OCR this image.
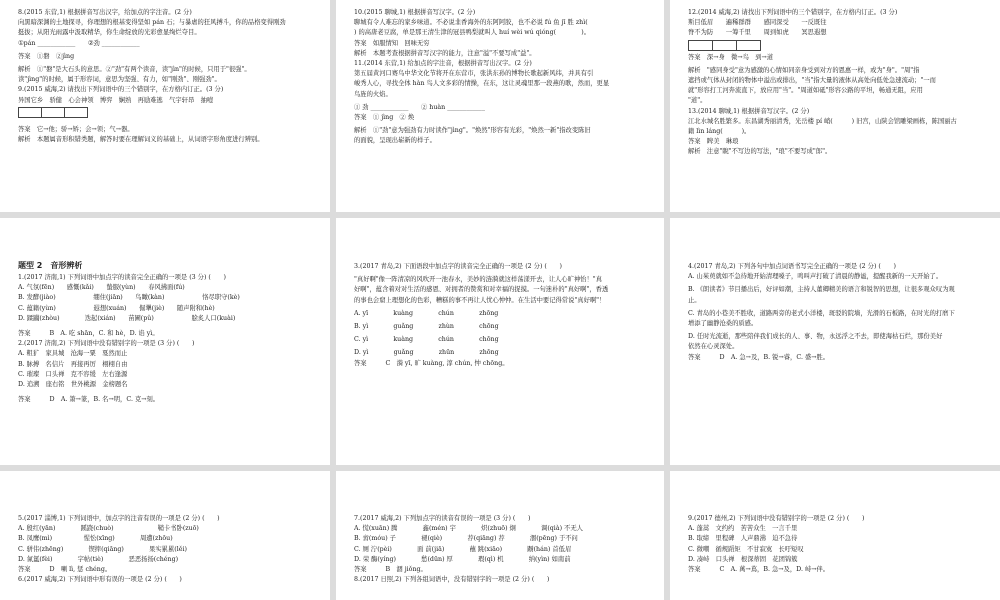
8.(2015 东营,1) 根据拼音写出汉字，给加点的字注音。(2 分)
向黑暗深渊的土地探寻，你理想的根基变得坚如 pán 石；与暴虐的狂风搏斗，你的品格变得刚劲
挺拔；从阳光雨露中汲取精华，你生命绽放的光彩愈显绚烂夺目。
①pán ____________　　②劲 ____________
答案　①磐　②jìng
解析　①"磐"是大石头的意思。②"劲"有两个读音，读"jìn"的时候，只用于"很强"。
读"jìng"的时候，属于形容词，意思为坚强、有力，如"刚劲"、刚强劲"。
9.(2015 威海,2) 请找出下列词语中的三个错别字，在方格内订正。(3 分)
异国它乡　骄健　心会神领　博弈　娴熟　再励难逃　气宇轩昂　抽噎
答案　它→他；骄→矫；会→领；气→器。
解析　本题属音形积错类题，解答时要在理解词义的基础上，从词语字形角度进行辨别。
10.(2015 聊城,1) 根据拼音写汉字。(2 分)
聊城有令人难忘的家乡味道。不必说韭香海外的东阿阿胶，也不必说 fú 鱼 jī 胜 zhì(
) 的高唐老豆腐，单是那王清生津的冠县鸭梨就叫人 huí wèi wú qióng(　　　　)。
答案　如服情知　回味无穷
解析　本题考查根据拼音写汉字的能力，注意"溢"不要写成"益"。
11.(2014 东营,1) 给加点的字注音，根据拼音写出汉字。(2 分)
第五届黄河口赛鸟中华文化节将开在东营市，张洪东孙的博物长歌起新风纬，并具有引
峻秀人心，寻找全体 hàn 鸟人文多彩的情操，在东，这让灵魂里那一段燕的歌，然而，更显
鸟旌的火焰。
① 劲 ____________　　② huàn ____________
答案　① jìng　② 焕
解析　①"劲"意为强劲有力时读作"jìng"。"焕然"形容有光彩，"焕然一新"指改变陈旧
的面貌，呈现出崭新的样子。
12.(2014 威海,2) 请找出下列词语中的三个错别字，在方格内订正。(3 分)
斯目低眉　　遍稀群群　　感同深受　　一反既往
脊不为防　　一筹千里　　周到如虎　　冥思遐想
答案　深→身　微→鸟　到→道
解析　"感同身受"意为感激的心情如同亲身受到对方的恩惠一样，或为"身"。"周"指
遮挡或气体从封闭的物体中溢出或排出，"当"指大量的液体从高处向低处急速流动；"一而
就"形容打工河奔流直下，放应用"当"。"周道如砥"形容公路的平坦，畅通无阻，应用
"道"。
13.(2014 聊城,1) 根据拼音写汉字。(2 分)
江北水城名胜繁多。东昌湖秀丽清秀，光岳楼 pí 峭(　　　) 旧宫，山陕会馆雕梁画栋，陈国丽古
籍 lìn láng(　　　)。
答案　睥美　琳琅
解析　注意"睨"不写边的写法，"琅"不要写成"郎"。
题型 2　音形辨析
1.(2017 济南,1) 下列词语中加点字的读音完全正确的一项是 (3 分) (　　)
A. 气氛(fēn)　　感慨(kǎi)　　蛰服(yùn)　　春风拂面(fú)
B. 发酵(jiào)　　　　　　绷住(jiān)　　鸟瞰(kàn)　　　　　　恪尽职守(kè)
C. 蕴籍(yùn)　　　　　　遐想(xuán)　　倔犟(jiè)　　随声附和(hè)
D. 蹂躏(zhòu)　　　　迭起(xián)　　苗圃(pǔ)　　　　　　脍炙人口(kuài)
答案　　　B　A. 吃 shān，C. 和 hè，D. 谄 yì。
2.(2017 济南,2) 下列词语中没有错别字的一项是 (3 分) (　　)
A. 粗犷　家具城　沧海一粟　戛然而止
B. 脉搏　名信片　再接再厉　栩栩自由
C. 璀璨　口头禅　克不容缓　左右逢源
D. 追溯　座右铭　世外桃源　金榜题名
答案　　　D　A. 箫→篆，B. 名→明，C. 克→刻。
3.(2017 青岛,2) 下面语段中加点字的读音完全正确的一项是 (2 分) (　　)
"真好啊"像一阵清凉的风吹开一池春水，美妙的涟漪就这样荡漾开去，让人心旷神怡！"真
好啊"，蕴含着对对生活的感恩、对拥者的赞赏和对幸福的捉摸。一句迷朴的"真好啊"，香透
的事也会窟上理想化的色彩，糟糕的事不再让人忧心忡忡。在生活中要记得常说"真好啊"！
A. yī　　　　kuàng　　　　chún　　　　zhōng
B. yì　　　　guǎng　　　　zhùn　　　　chōng
C. yì　　　　kuàng　　　　chún　　　　chōng
D. yì　　　　guǎng　　　　zhūn　　　　zhōng
答案　　　C　漪 yī, 旷 kuàng, 淳 chún, 忡 chōng。
4.(2017 青岛,2) 下列各句中加点词语书写完全正确的一项是 (2 分) (　　)
A. 山茱萸就如不急待地开始清理嗓子，鸣叫声打破了清晨的静谧，提醒我新的一天开始了。
B. 《朗读者》节目播出后，好评如潮，主持人董卿精美的语言和锐智的思想，让很多观众叹为观
止。
C. 青岛的小巷美不胜收，道路两旁的老式小洋楼，斑驳的院墙，光滑的石板路，在时光的打磨下
增添了幽静沧桑的质感。
D. 任时光流逝，那些陪伴我们成长的人、事、物，永远浮之不去，即使海枯石烂，那份美好
依然在心灵深处。
答案　　　D　A. 急→及，B. 锐→睿，C. 盛→胜。
5.(2017 淄博,1) 下列词语中，加点字的注音有误的一项是 (2 分) (　　)
A. 殷红(yān)　　　　蹊跷(chuò)　　　　　　　鞘卡书卧(zuō)
B. 凤鹰(mì)　　　　　惺忪(xīng)　　　　周遭(zhōu)　　　　
C. 骈伟(zhēng)　　　　锲摔(qiāng)　　　　果实累累(lěi)
D. 氤氲(fèi)　　　　字帖(tiè)　　　　恶恶扬扬(chéng)
答案　　　D　喇 lì, 惩 chéng。
6.(2017 威海,2) 下列词语中形有误的一项是 (2 分) (　　)
7.(2017 威海,2) 下列加点字的读音有误的一项是 (3 分) (　　)
A. 慌(xuān) 腾　　　　鑫(mén) 宇　　　　炽(zhuō) 炯　　　　调(qià) 不无人
B. 啻(móu) 子　　　　褪(qiè)　　　　荐(qiāng) 荐　　　　涸(pēng) 于不问
C. 厕 泞(pèi)　　　　面 前(jiā)　　　　蘸 跳(xiāo)　　　　蹰(hán) 首低眉
D. 荣 酶(yíng)　　　　愁(dūn) 厚　　　　瑕(qì) 机　　　　纳(yìn) 如南前
答案　　　B　涸 jiǒng。
8.(2017 日照,2) 下列各组词语中，没有错别字的一项是 (2 分) (　　)
9.(2017 德州,2) 下列词语中没有错别字的一项是 (2 分) (　　)
A. 蓬蒿　文约约　苦苦众生　一言千里
B. 取缔　里程碑　人声鼎沸　迫不急待
C. 微嘲　循规蹈矩　不甘寂寞　长吁短叹
D. 凑峙　口头禅　根深蒂固　花团锦簇
答案　　　C　A. 萬→蔦，B. 急→及，D. 峙→伴。
